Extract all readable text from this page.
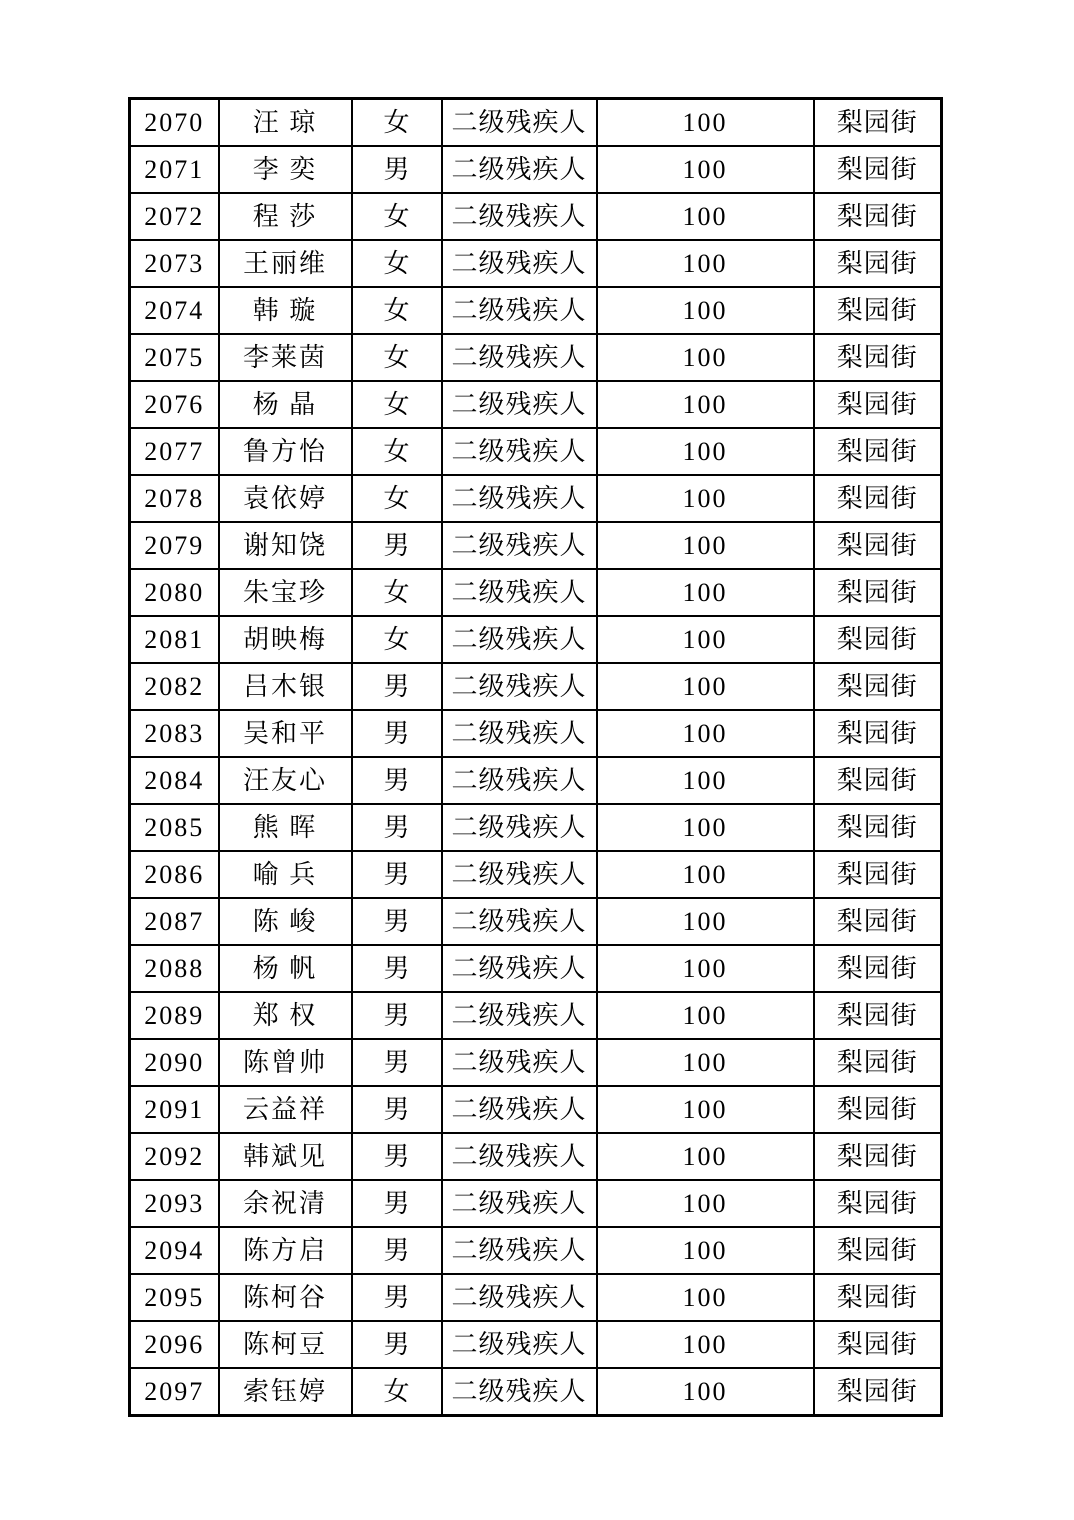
2070	汪 琼	女	二级残疾人	100	梨园街
2071	李 奕	男	二级残疾人	100	梨园街
2072	程 莎	女	二级残疾人	100	梨园街
2073	王丽维	女	二级残疾人	100	梨园街
2074	韩 璇	女	二级残疾人	100	梨园街
2075	李莱茵	女	二级残疾人	100	梨园街
2076	杨 晶	女	二级残疾人	100	梨园街
2077	鲁方怡	女	二级残疾人	100	梨园街
2078	袁依婷	女	二级残疾人	100	梨园街
2079	谢知饶	男	二级残疾人	100	梨园街
2080	朱宝珍	女	二级残疾人	100	梨园街
2081	胡映梅	女	二级残疾人	100	梨园街
2082	吕木银	男	二级残疾人	100	梨园街
2083	吴和平	男	二级残疾人	100	梨园街
2084	汪友心	男	二级残疾人	100	梨园街
2085	熊 晖	男	二级残疾人	100	梨园街
2086	喻 兵	男	二级残疾人	100	梨园街
2087	陈 峻	男	二级残疾人	100	梨园街
2088	杨 帆	男	二级残疾人	100	梨园街
2089	郑 权	男	二级残疾人	100	梨园街
2090	陈曾帅	男	二级残疾人	100	梨园街
2091	云益祥	男	二级残疾人	100	梨园街
2092	韩斌见	男	二级残疾人	100	梨园街
2093	余祝清	男	二级残疾人	100	梨园街
2094	陈方启	男	二级残疾人	100	梨园街
2095	陈柯谷	男	二级残疾人	100	梨园街
2096	陈柯豆	男	二级残疾人	100	梨园街
2097	索钰婷	女	二级残疾人	100	梨园街
